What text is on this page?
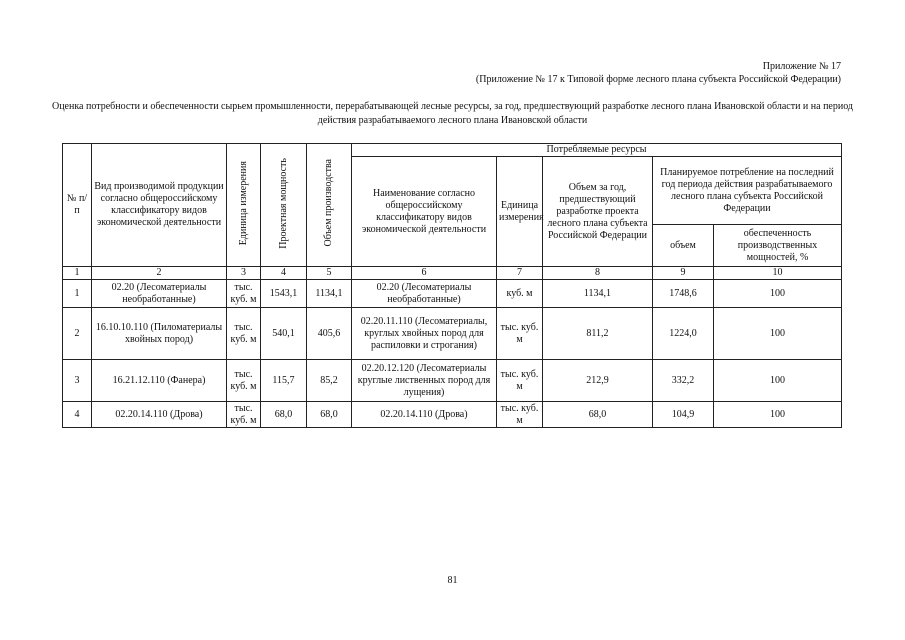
Приложение № 17
(Приложение № 17 к Типовой форме лесного плана субъекта Российской Федерации)
Оценка потребности и обеспеченности сырьем промышленности, перерабатывающей лесные ресурсы, за год, предшествующий разработке лесного плана Ивановской области и на период действия разрабатываемого лесного плана Ивановской области
№ п/п	Вид производимой продукции согласно общероссийскому классификатору видов экономической деятельности	Единица измерения	Проектная мощность	Объем производства	Потребляемые ресурсы				
					Наименование согласно общероссийскому классификатору видов экономической деятельности	Единица измерения	Объем за год, предшествующий разработке проекта лесного плана субъекта Российской Федерации	Планируемое потребление на последний год периода действия разрабатываемого лесного плана субъекта Российской Федерации	
								объем	обеспеченность производственных мощностей, %
1	2	3	4	5	6	7	8	9	10
1	02.20 (Лесоматериалы необработанные)	тыс. куб. м	1543,1	1134,1	02.20 (Лесоматериалы необработанные)	куб. м	1134,1	1748,6	100
2	16.10.10.110 (Пиломатериалы хвойных пород)	тыс. куб. м	540,1	405,6	02.20.11.110 (Лесоматериалы, круглых хвойных пород для распиловки и строгания)	тыс. куб. м	811,2	1224,0	100
3	16.21.12.110 (Фанера)	тыс. куб. м	115,7	85,2	02.20.12.120 (Лесоматериалы круглые лиственных пород для лущения)	тыс. куб. м	212,9	332,2	100
4	02.20.14.110 (Дрова)	тыс. куб. м	68,0	68,0	02.20.14.110 (Дрова)	тыс. куб. м	68,0	104,9	100
81
